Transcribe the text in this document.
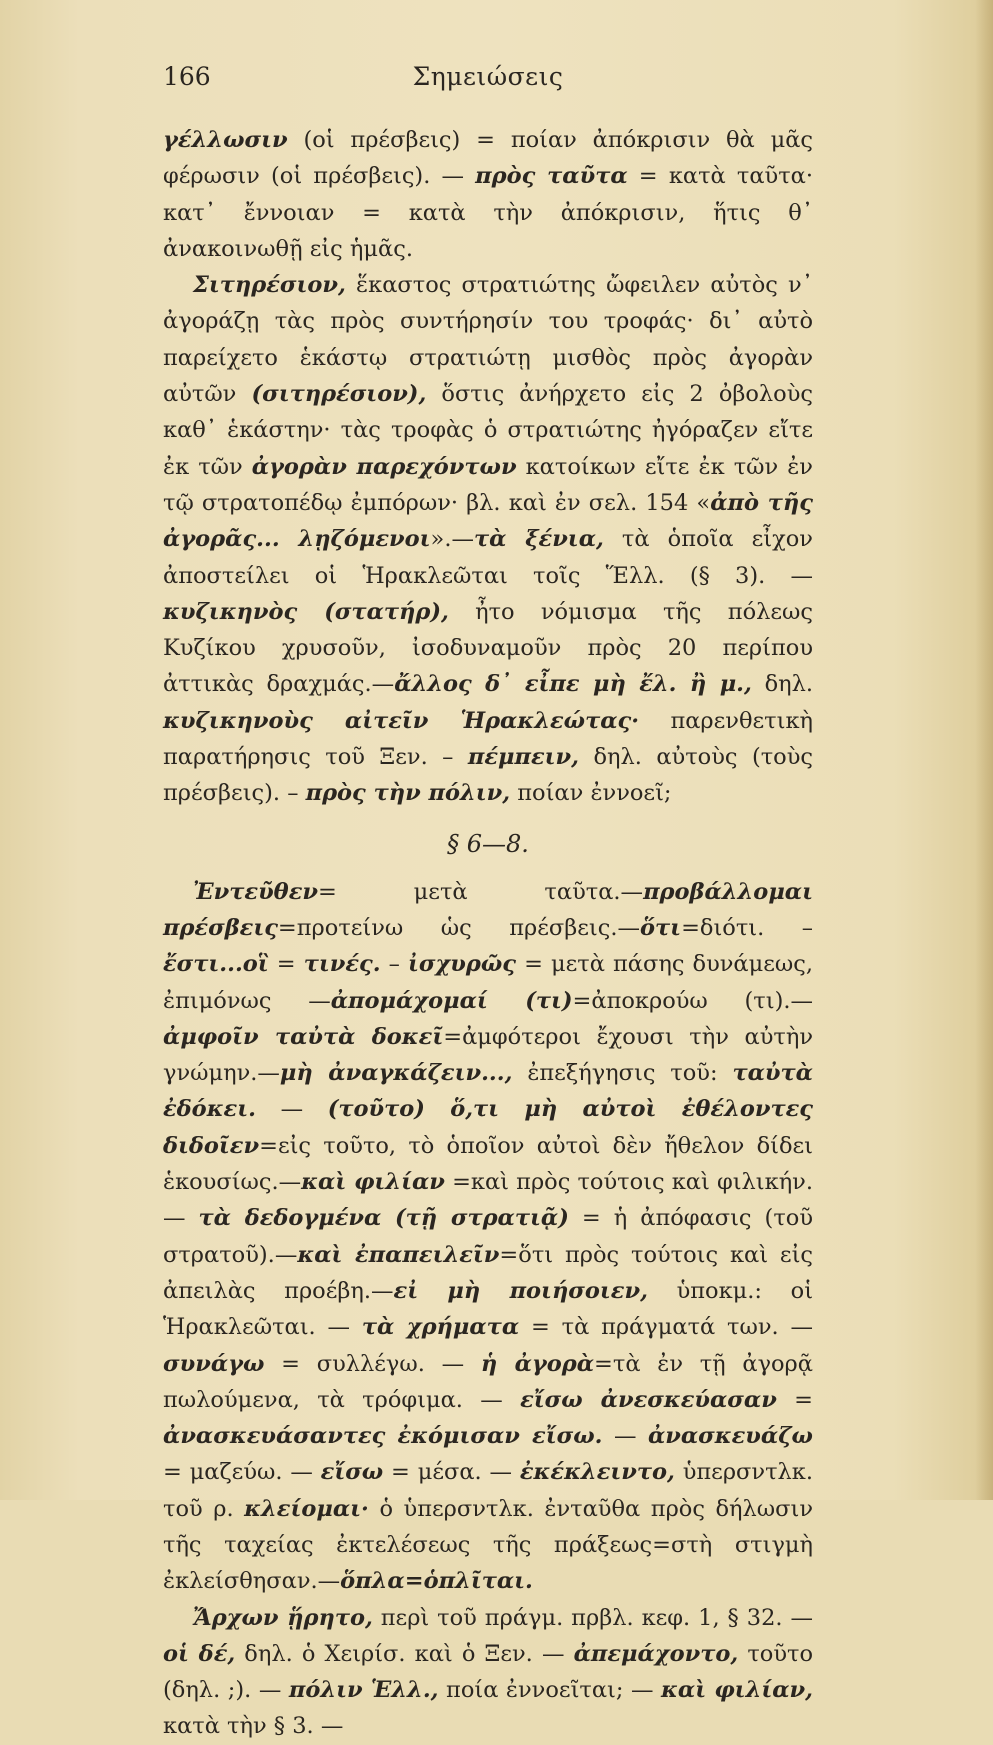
166	Σημειώσεις

γέλλωσιν (οἱ πρέσβεις) = ποίαν ἀπόκρισιν θὰ μᾶς φέρωσιν (οἱ πρέσβεις). — πρὸς ταῦτα = κατὰ ταῦτα· κατ᾽ ἔννοιαν = κατὰ τὴν ἀπόκρισιν, ἥτις θ᾽ ἀνακοινωθῇ εἰς ἡμᾶς.

Σιτηρέσιον, ἕκαστος στρατιώτης ὤφειλεν αὐτὸς ν᾽ ἀγοράζῃ τὰς πρὸς συντήρησίν του τροφάς· δι᾽ αὐτὸ παρείχετο ἑκάστῳ στρατιώτῃ μισθὸς πρὸς ἀγορὰν αὐτῶν (σιτηρέσιον), ὅστις ἀνήρχετο εἰς 2 ὀβολοὺς καθ᾽ ἑκάστην· τὰς τροφὰς ὁ στρατιώτης ἠγόραζεν εἴτε ἐκ τῶν ἀγορὰν παρεχόντων κατοίκων εἴτε ἐκ τῶν ἐν τῷ στρατοπέδῳ ἐμπόρων· βλ. καὶ ἐν σελ. 154 «ἀπὸ τῆς ἀγορᾶς... λῃζόμενοι».—τὰ ξένια, τὰ ὁποῖα εἶχον ἀποστείλει οἱ Ἡρακλεῶται τοῖς Ἕλλ. (§ 3). — κυζικηνὸς (στατήρ), ἦτο νόμισμα τῆς πόλεως Κυζίκου χρυσοῦν, ἰσοδυναμοῦν πρὸς 20 περίπου ἀττικὰς δραχμάς.—ἄλλος δ᾽ εἶπε μὴ ἔλ. ἢ μ., δηλ. κυζικηνοὺς αἰτεῖν Ἡρακλεώτας· παρενθετικὴ παρατήρησις τοῦ Ξεν. – πέμπειν, δηλ. αὐτοὺς (τοὺς πρέσβεις). – πρὸς τὴν πόλιν, ποίαν ἐννοεῖ;

§ 6—8.

Ἐντεῦθεν= μετὰ ταῦτα.—προβάλλομαι πρέσβεις=προτείνω ὡς πρέσβεις.—ὅτι=διότι. –ἔστι...οἳ = τινές. – ἰσχυρῶς = μετὰ πάσης δυνάμεως, ἐπιμόνως —ἀπομάχομαί (τι)=ἀποκρούω (τι).—ἀμφοῖν ταὐτὰ δοκεῖ=ἀμφότεροι ἔχουσι τὴν αὐτὴν γνώμην.—μὴ ἀναγκάζειν..., ἐπεξήγησις τοῦ: ταὐτὰ ἐδόκει. — (τοῦτο) ὅ,τι μὴ αὐτοὶ ἐθέλοντες διδοῖεν=εἰς τοῦτο, τὸ ὁποῖον αὐτοὶ δὲν ἤθελον δίδει ἑκουσίως.—καὶ φιλίαν =καὶ πρὸς τούτοις καὶ φιλικήν. — τὰ δεδογμένα (τῇ στρατιᾷ) = ἡ ἀπόφασις (τοῦ στρατοῦ).—καὶ ἐπαπειλεῖν=ὅτι πρὸς τούτοις καὶ εἰς ἀπειλὰς προέβη.—εἰ μὴ ποιήσοιεν, ὑποκμ.: οἱ Ἡρακλεῶται. — τὰ χρήματα = τὰ πράγματά των. — συνάγω = συλλέγω. — ἡ ἀγορὰ=τὰ ἐν τῇ ἀγορᾷ πωλούμενα, τὰ τρόφιμα. — εἴσω ἀνεσκεύασαν = ἀνασκευάσαντες ἐκόμισαν εἴσω. — ἀνασκευάζω = μαζεύω. — εἴσω = μέσα. — ἐκέκλειντο, ὑπερσντλκ. τοῦ ρ. κλείομαι· ὁ ὑπερσντλκ. ἐνταῦθα πρὸς δήλωσιν τῆς ταχείας ἐκτελέσεως τῆς πράξεως=στὴ στιγμὴ ἐκλείσθησαν.—ὅπλα=ὁπλῖται.

Ἄρχων ᾕρητο, περὶ τοῦ πράγμ. πρβλ. κεφ. 1, § 32. — οἱ δέ, δηλ. ὁ Χειρίσ. καὶ ὁ Ξεν. — ἀπεμάχοντο, τοῦτο (δηλ. ;). — πόλιν Ἑλλ., ποία ἐννοεῖται; — καὶ φιλίαν, κατὰ τὴν § 3. —
